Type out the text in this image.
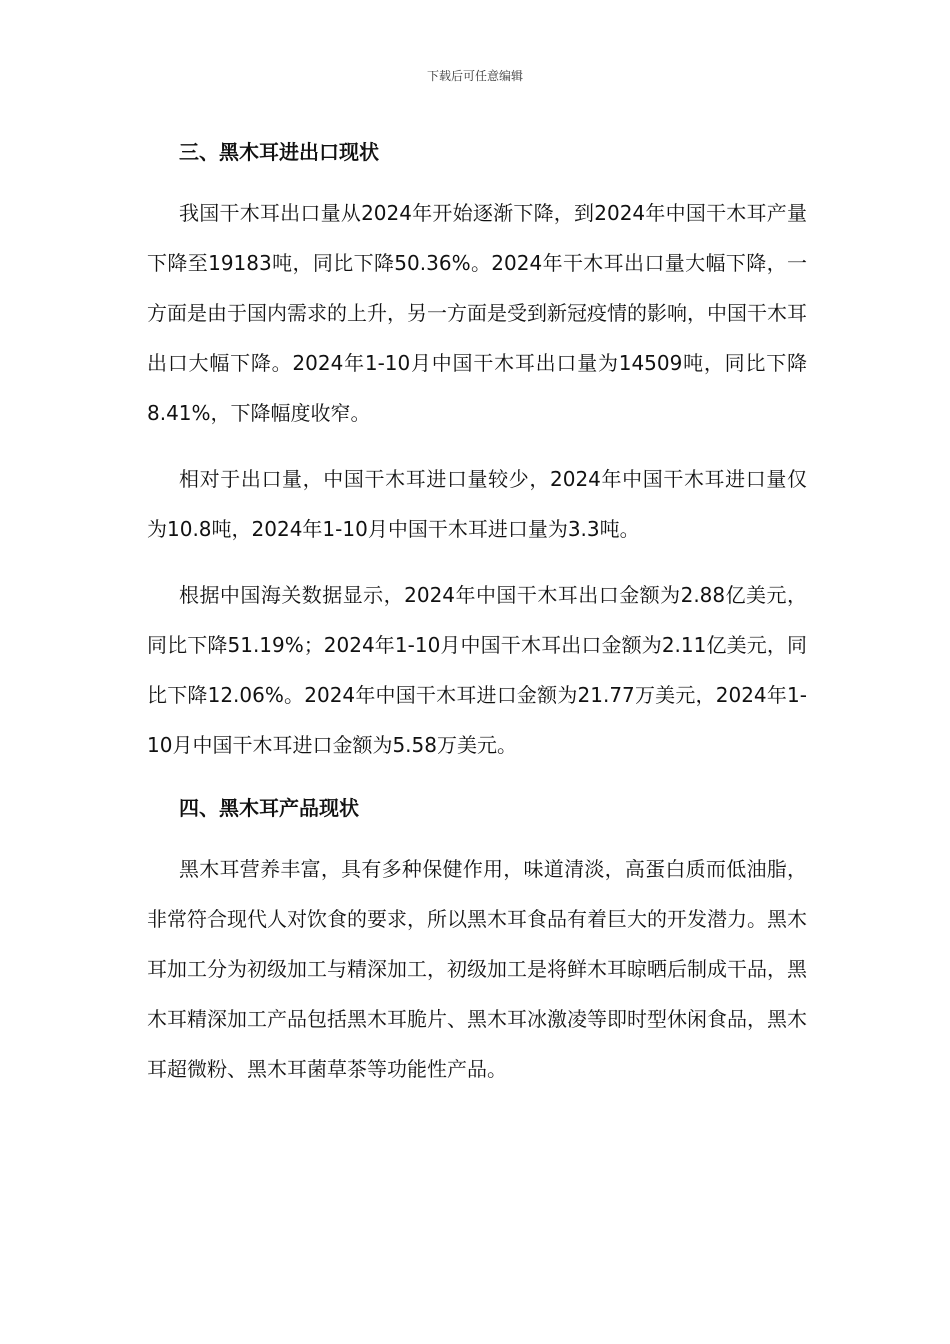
下载后可任意编辑
三、黑木耳进出口现状

我国干木耳出口量从2024年开始逐渐下降，到2024年中国干木耳产量下降至19183吨，同比下降50.36%。2024年干木耳出口量大幅下降，一方面是由于国内需求的上升，另一方面是受到新冠疫情的影响，中国干木耳出口大幅下降。2024年1-10月中国干木耳出口量为14509吨，同比下降8.41%，下降幅度收窄。

相对于出口量，中国干木耳进口量较少，2024年中国干木耳进口量仅为10.8吨，2024年1-10月中国干木耳进口量为3.3吨。

根据中国海关数据显示，2024年中国干木耳出口金额为2.88亿美元，同比下降51.19%；2024年1-10月中国干木耳出口金额为2.11亿美元，同比下降12.06%。2024年中国干木耳进口金额为21.77万美元，2024年1-10月中国干木耳进口金额为5.58万美元。

四、黑木耳产品现状

黑木耳营养丰富，具有多种保健作用，味道清淡，高蛋白质而低油脂，非常符合现代人对饮食的要求，所以黑木耳食品有着巨大的开发潜力。黑木耳加工分为初级加工与精深加工，初级加工是将鲜木耳晾晒后制成干品，黑木耳精深加工产品包括黑木耳脆片、黑木耳冰激凌等即时型休闲食品，黑木耳超微粉、黑木耳菌草茶等功能性产品。
